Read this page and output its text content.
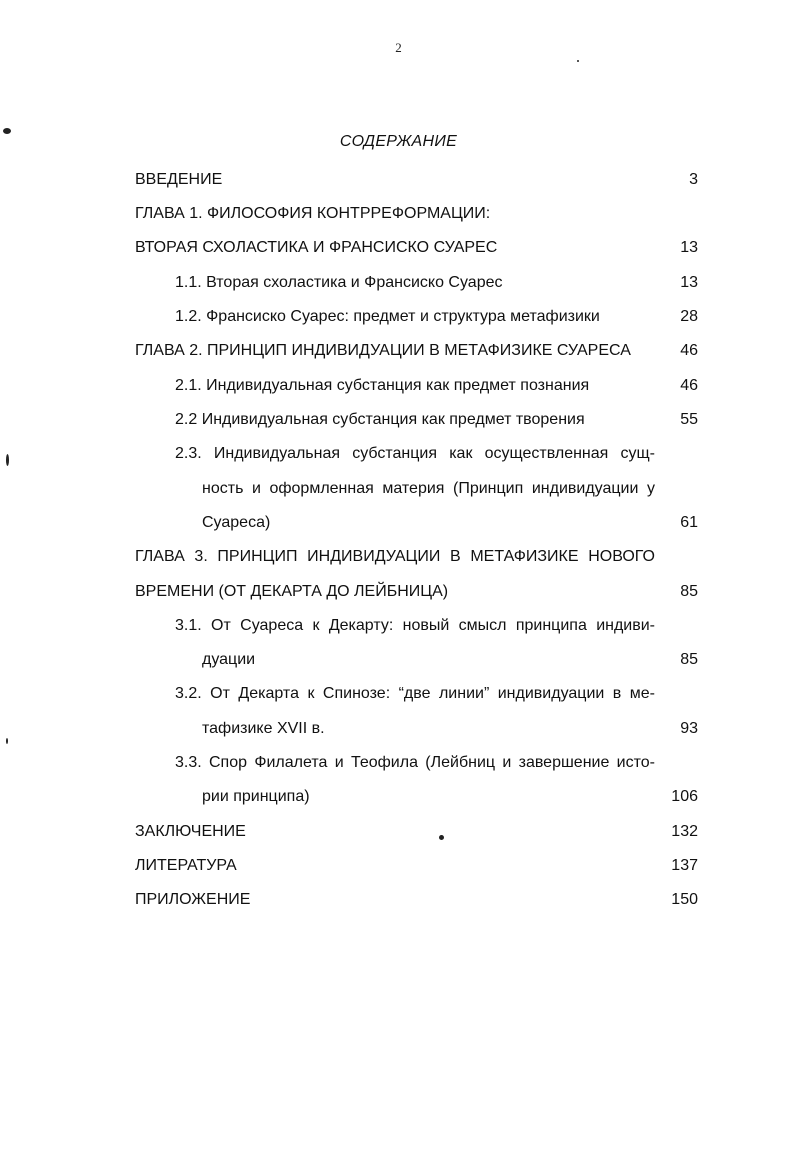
2
СОДЕРЖАНИЕ
ВВЕДЕНИЕ	3
ГЛАВА 1. ФИЛОСОФИЯ КОНТРРЕФОРМАЦИИ:
ВТОРАЯ СХОЛАСТИКА И ФРАНСИСКО СУАРЕС	13
1.1. Вторая схоластика и Франсиско Суарес	13
1.2. Франсиско Суарес: предмет и структура метафизики	28
ГЛАВА 2. ПРИНЦИП ИНДИВИДУАЦИИ В МЕТАФИЗИКЕ СУАРЕСА	46
2.1. Индивидуальная субстанция как предмет познания	46
2.2 Индивидуальная субстанция как предмет творения	55
2.3. Индивидуальная субстанция как осуществленная сущ-
ность и оформленная материя (Принцип индивидуации у
Суареса)	61
ГЛАВА 3. ПРИНЦИП ИНДИВИДУАЦИИ В МЕТАФИЗИКЕ НОВОГО
ВРЕМЕНИ (ОТ ДЕКАРТА ДО ЛЕЙБНИЦА)	85
3.1. От Суареса к Декарту: новый смысл принципа индиви-
дуации	85
3.2. От Декарта к Спинозе: “две линии” индивидуации в ме-
тафизике XVII в.	93
3.3. Спор Филалета и Теофила (Лейбниц и завершение исто-
рии принципа)	106
ЗАКЛЮЧЕНИЕ	132
ЛИТЕРАТУРА	137
ПРИЛОЖЕНИЕ	150
